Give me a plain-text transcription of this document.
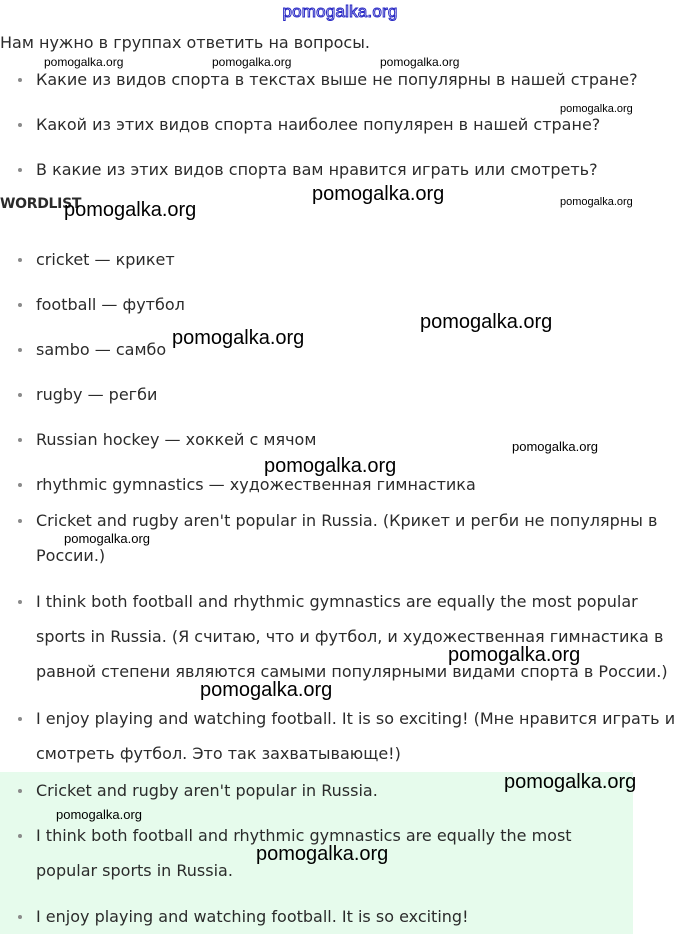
pomogalka.org
Нам нужно в группах ответить на вопросы.
Какие из видов спорта в текстах выше не популярны в нашей стране?
Какой из этих видов спорта наиболее популярен в нашей стране?
В какие из этих видов спорта вам нравится играть или смотреть?
WORDLIST
cricket — крикет
football — футбол
sambo — самбо
rugby — регби
Russian hockey — хоккей с мячом
rhythmic gymnastics — художественная гимнастика
Cricket and rugby aren't popular in Russia. (Крикет и регби не популярны в России.)
I think both football and rhythmic gymnastics are equally the most popular sports in Russia. (Я считаю, что и футбол, и художественная гимнастика в равной степени являются самыми популярными видами спорта в России.)
I enjoy playing and watching football. It is so exciting! (Мне нравится играть и смотреть футбол. Это так захватывающе!)
Cricket and rugby aren't popular in Russia.
I think both football and rhythmic gymnastics are equally the most popular sports in Russia.
I enjoy playing and watching football. It is so exciting!
pomogalka.org	pomogalka.org	pomogalka.org
pomogalka.org
pomogalka.org	pomogalka.org
pomogalka.org
pomogalka.org
pomogalka.org
pomogalka.org
pomogalka.org
pomogalka.org
pomogalka.org
pomogalka.org
pomogalka.org
pomogalka.org
pomogalka.org
